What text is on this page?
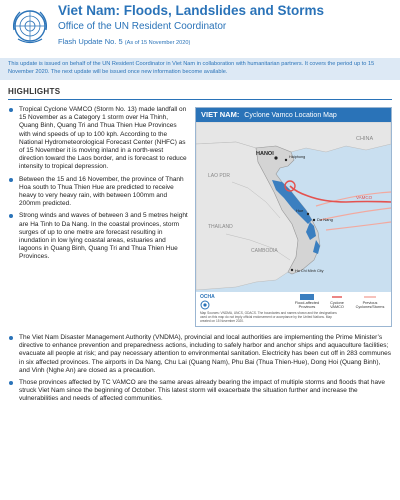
Viet Nam: Floods, Landslides and Storms
Office of the UN Resident Coordinator
Flash Update No. 5 (As of 15 November 2020)
This update is issued on behalf of the UN Resident Coordinator in Viet Nam in collaboration with humanitarian partners. It covers the period up to 15 November 2020. The next update will be issued once new information become available.
HIGHLIGHTS
Tropical Cyclone VAMCO (Storm No. 13) made landfall on 15 November as a Category 1 storm over Ha Thinh, Quang Binh, Quang Tri and Thua Thien Hue Provinces with wind speeds of up to 100 kph. According to the National Hydrometeorological Forecast Center (NHFC) as of 15 November it is moving inland in a north-west direction toward the Laos border, and is forecast to reduce intensity to tropical depression.
Between the 15 and 16 November, the province of Thanh Hoa south to Thua Thien Hue are predicted to receive heavy to very heavy rain, with between 100mm and 200mm predicted.
Strong winds and waves of between 3 and 5 metres height are Ha Tinh to Da Nang. In the coastal provinces, storm surges of up to one metre are forecast resulting in inundation in low lying coastal areas, estuaries and lagoons in Quang Binh, Quang Tri and Thua Thien Hue Provinces.
VIET NAM: Cyclone Vamco Location Map
CHINA
HANOI	Haiphong
LAO PDR
Hue
Da Nang
VAMCO
THAILAND
CAMBODIA
Ho Chi Minh City
OCHA
Map Sources: VNDMA, UNCS, GDACS. The boundaries and names shown and the designations used on this map do not imply official endorsement or acceptance by the United Nations. Map created on 15 November 2020.
Flood-affected Provinces
Cyclone VAMCO
Previous Cyclones/Storms
The Viet Nam Disaster Management Authority (VNDMA), provincial and local authorities are implementing the Prime Minister’s directive to enhance prevention and preparedness actions, including to safely harbor and anchor ships and aquaculture facilities; evacuate all people at risk; and pay necessary attention to environmental sanitation. Electricity has been cut off in 283 communes in six affected provinces. The airports in Da Nang, Chu Lai (Quang Nam), Phu Bai (Thua Thien-Hue), Dong Hoi (Quang Binh), and Vinh (Nghe An) are closed as a precaution.
Those provinces affected by TC VAMCO are the same areas already bearing the impact of multiple storms and floods that have struck Viet Nam since the beginning of October. This latest storm will exacerbate the situation further and increase the vulnerabilities and needs of affected communities.
